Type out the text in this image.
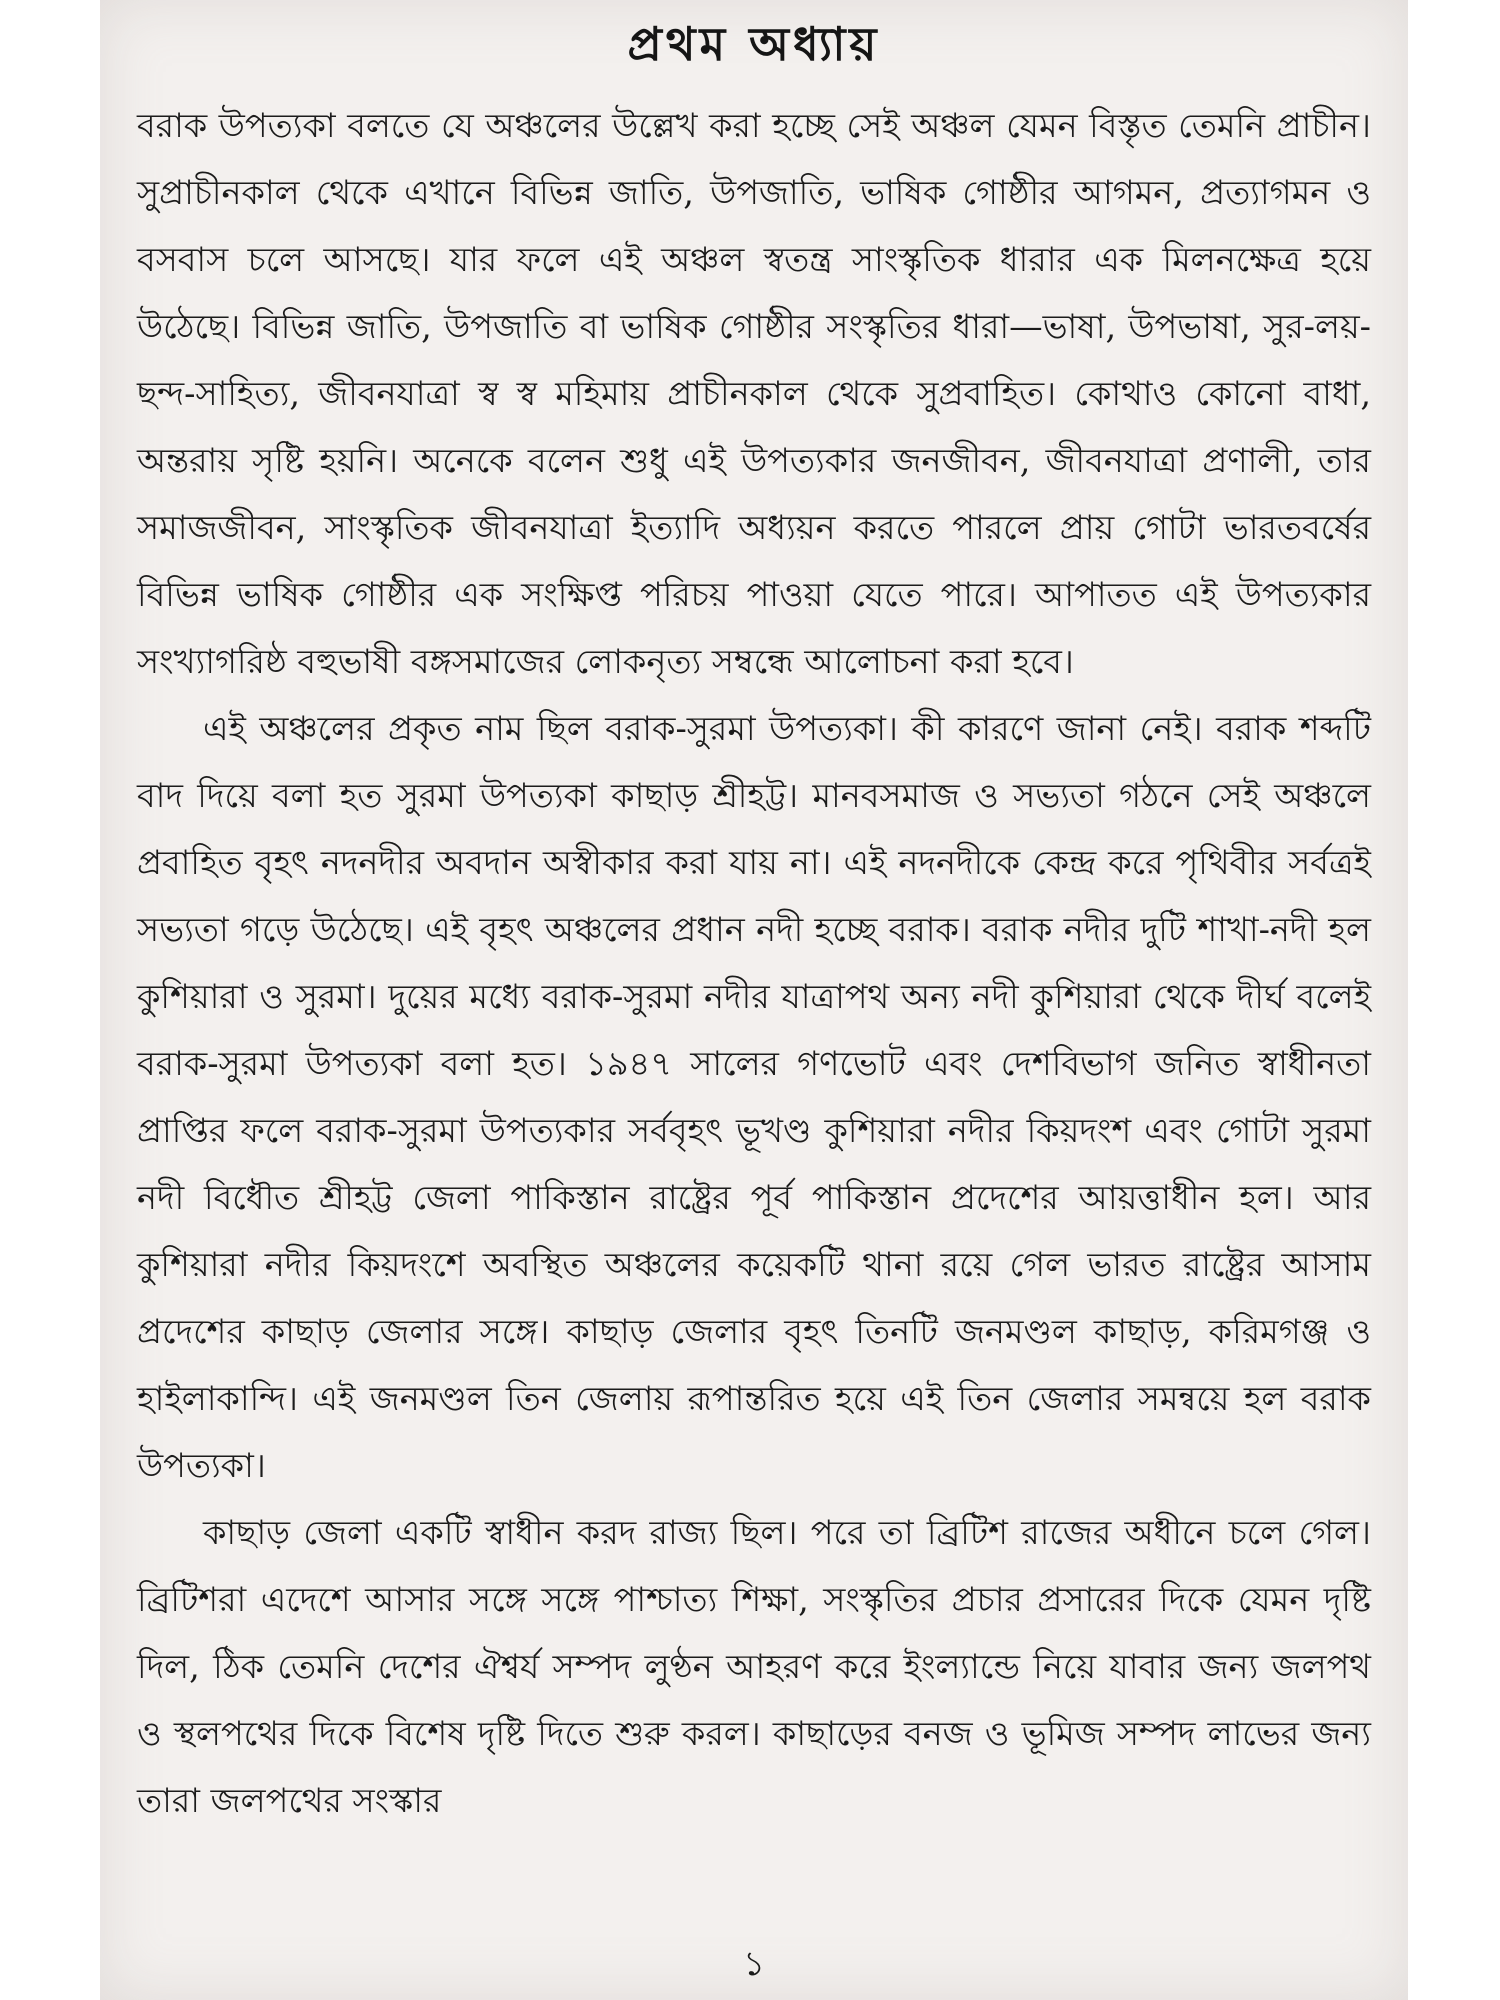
প্রথম অধ্যায়

বরাক উপত্যকা বলতে যে অঞ্চলের উল্লেখ করা হচ্ছে সেই অঞ্চল যেমন বিস্তৃত তেমনি প্রাচীন। সুপ্রাচীনকাল থেকে এখানে বিভিন্ন জাতি, উপজাতি, ভাষিক গোষ্ঠীর আগমন, প্রত্যাগমন ও বসবাস চলে আসছে। যার ফলে এই অঞ্চল স্বতন্ত্র সাংস্কৃতিক ধারার এক মিলনক্ষেত্র হয়ে উঠেছে। বিভিন্ন জাতি, উপজাতি বা ভাষিক গোষ্ঠীর সংস্কৃতির ধারা—ভাষা, উপভাষা, সুর-লয়-ছন্দ-সাহিত্য, জীবনযাত্রা স্ব স্ব মহিমায় প্রাচীনকাল থেকে সুপ্রবাহিত। কোথাও কোনো বাধা, অন্তরায় সৃষ্টি হয়নি। অনেকে বলেন শুধু এই উপত্যকার জনজীবন, জীবনযাত্রা প্রণালী, তার সমাজজীবন, সাংস্কৃতিক জীবনযাত্রা ইত্যাদি অধ্যয়ন করতে পারলে প্রায় গোটা ভারতবর্ষের বিভিন্ন ভাষিক গোষ্ঠীর এক সংক্ষিপ্ত পরিচয় পাওয়া যেতে পারে। আপাতত এই উপত্যকার সংখ্যাগরিষ্ঠ বহুভাষী বঙ্গসমাজের লোকনৃত্য সম্বন্ধে আলোচনা করা হবে।

এই অঞ্চলের প্রকৃত নাম ছিল বরাক-সুরমা উপত্যকা। কী কারণে জানা নেই। বরাক শব্দটি বাদ দিয়ে বলা হত সুরমা উপত্যকা কাছাড় শ্রীহট্ট। মানবসমাজ ও সভ্যতা গঠনে সেই অঞ্চলে প্রবাহিত বৃহৎ নদনদীর অবদান অস্বীকার করা যায় না। এই নদনদীকে কেন্দ্র করে পৃথিবীর সর্বত্রই সভ্যতা গড়ে উঠেছে। এই বৃহৎ অঞ্চলের প্রধান নদী হচ্ছে বরাক। বরাক নদীর দুটি শাখা-নদী হল কুশিয়ারা ও সুরমা। দুয়ের মধ্যে বরাক-সুরমা নদীর যাত্রাপথ অন্য নদী কুশিয়ারা থেকে দীর্ঘ বলেই বরাক-সুরমা উপত্যকা বলা হত। ১৯৪৭ সালের গণভোট এবং দেশবিভাগ জনিত স্বাধীনতা প্রাপ্তির ফলে বরাক-সুরমা উপত্যকার সর্ববৃহৎ ভূখণ্ড কুশিয়ারা নদীর কিয়দংশ এবং গোটা সুরমা নদী বিধৌত শ্রীহট্ট জেলা পাকিস্তান রাষ্ট্রের পূর্ব পাকিস্তান প্রদেশের আয়ত্তাধীন হল। আর কুশিয়ারা নদীর কিয়দংশে অবস্থিত অঞ্চলের কয়েকটি থানা রয়ে গেল ভারত রাষ্ট্রের আসাম প্রদেশের কাছাড় জেলার সঙ্গে। কাছাড় জেলার বৃহৎ তিনটি জনমণ্ডল কাছাড়, করিমগঞ্জ ও হাইলাকান্দি। এই জনমণ্ডল তিন জেলায় রূপান্তরিত হয়ে এই তিন জেলার সমন্বয়ে হল বরাক উপত্যকা।

কাছাড় জেলা একটি স্বাধীন করদ রাজ্য ছিল। পরে তা ব্রিটিশ রাজের অধীনে চলে গেল। ব্রিটিশরা এদেশে আসার সঙ্গে সঙ্গে পাশ্চাত্য শিক্ষা, সংস্কৃতির প্রচার প্রসারের দিকে যেমন দৃষ্টি দিল, ঠিক তেমনি দেশের ঐশ্বর্য সম্পদ লুণ্ঠন আহরণ করে ইংল্যান্ডে নিয়ে যাবার জন্য জলপথ ও স্থলপথের দিকে বিশেষ দৃষ্টি দিতে শুরু করল। কাছাড়ের বনজ ও ভূমিজ সম্পদ লাভের জন্য তারা জলপথের সংস্কার

১
